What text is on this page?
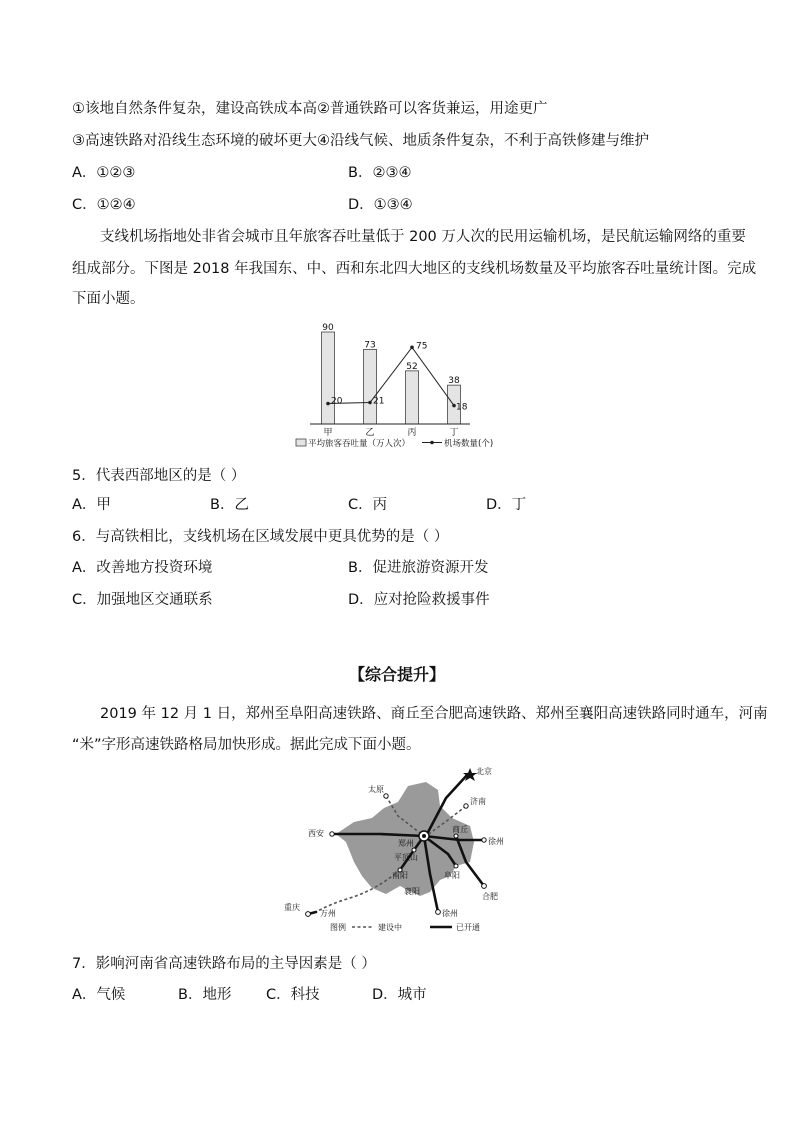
①该地自然条件复杂，建设高铁成本高②普通铁路可以客货兼运，用途更广
③高速铁路对沿线生态环境的破坏更大④沿线气候、地质条件复杂，不利于高铁修建与维护
A．①②③	B．②③④
C．①②④	D．①③④
支线机场指地处非省会城市且年旅客吞吐量低于 200 万人次的民用运输机场，是民航运输网络的重要
组成部分。下图是 2018 年我国东、中、西和东北四大地区的支线机场数量及平均旅客吞吐量统计图。完成
下面小题。
90
73
52
38
20	21
75
18
甲	乙	丙	丁
平均旅客吞吐量（万人次）	机场数量(个)
5．代表西部地区的是（ ）
A．甲	B．乙	C．丙	D．丁
6．与高铁相比，支线机场在区域发展中更具优势的是（ ）
A．改善地方投资环境	B．促进旅游资源开发
C．加强地区交通联系	D．应对抢险救援事件
【综合提升】
2019 年 12 月 1 日，郑州至阜阳高速铁路、商丘至合肥高速铁路、郑州至襄阳高速铁路同时通车，河南
“米”字形高速铁路格局加快形成。据此完成下面小题。
北京
太原
济南
西安
郑州
商丘
徐州
平顶山
南阳	阜阳
合肥
襄阳
重庆
万州	徐州
图例	建设中	已开通
7．影响河南省高速铁路布局的主导因素是（ ）
A．气候	B．地形 C．科技	D．城市
